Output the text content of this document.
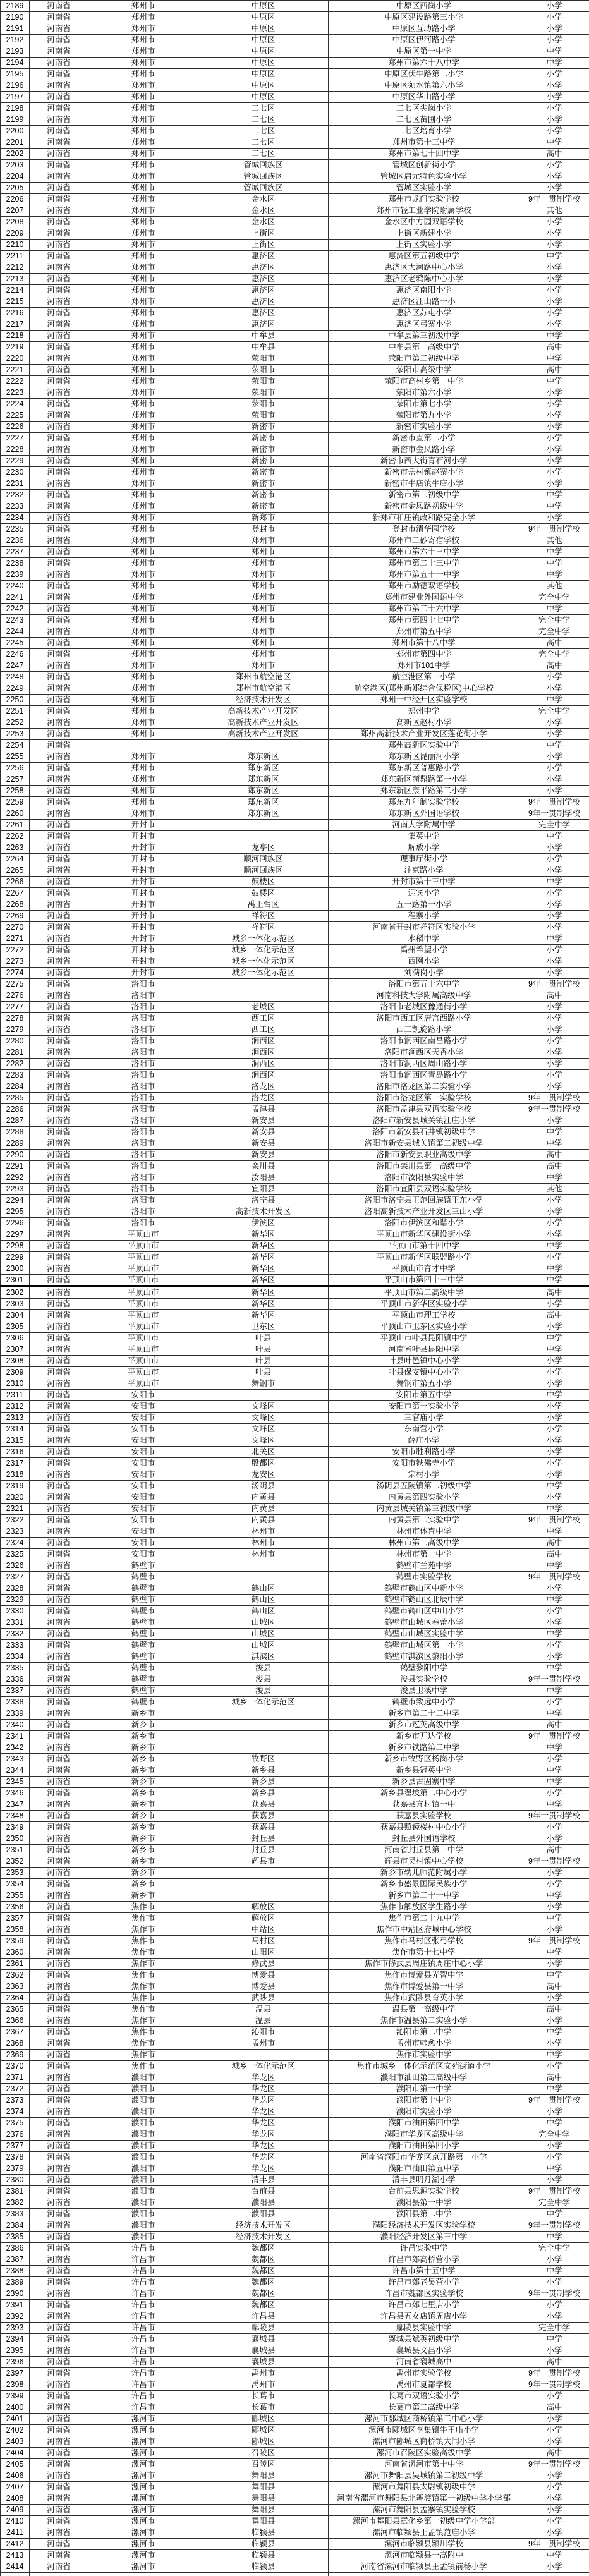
2189	河南省	郑州市	中原区	中原区西岗小学	小学
2190	河南省	郑州市	中原区	中原区建设路第三小学	小学
2191	河南省	郑州市	中原区	中原区互助路小学	小学
2192	河南省	郑州市	中原区	中原区伊河路小学	小学
2193	河南省	郑州市	中原区	中原区第一中学	中学
2194	河南省	郑州市	中原区	郑州市第六十八中学	中学
2195	河南省	郑州市	中原区	中原区伏牛路第二小学	小学
2196	河南省	郑州市	中原区	中原区须水镇第六小学	小学
2197	河南省	郑州市	中原区	中原区华山路小学	小学
2198	河南省	郑州市	二七区	二七区尖岗小学	小学
2199	河南省	郑州市	二七区	二七区苗圃小学	小学
2200	河南省	郑州市	二七区	二七区培育小学	小学
2201	河南省	郑州市	二七区	郑州市第十三中学	中学
2202	河南省	郑州市	二七区	郑州市第七十四中学	高中
2203	河南省	郑州市	管城回族区	管城区创新街小学	小学
2204	河南省	郑州市	管城回族区	管城区启元特色实验小学	小学
2205	河南省	郑州市	管城回族区	管城区实验小学	小学
2206	河南省	郑州市	金水区	郑州市龙门实验学校	9年一贯制学校
2207	河南省	郑州市	金水区	郑州市轻工业学院附属学校	其他
2208	河南省	郑州市	金水区	金水区中方园双语学校	小学
2209	河南省	郑州市	上街区	上街区新建小学	小学
2210	河南省	郑州市	上街区	上街区实验小学	小学
2211	河南省	郑州市	惠济区	惠济区第五初级中学	中学
2212	河南省	郑州市	惠济区	惠济区大河路中心小学	小学
2213	河南省	郑州市	惠济区	惠济区老鸦陈中心小学	小学
2214	河南省	郑州市	惠济区	惠济区南阳小学	小学
2215	河南省	郑州市	惠济区	惠济区江山路一小	小学
2216	河南省	郑州市	惠济区	惠济区苏屯小学	小学
2217	河南省	郑州市	惠济区	惠济区弓寨小学	小学
2218	河南省	郑州市	中牟县	中牟县第三初级中学	中学
2219	河南省	郑州市	中牟县	中牟县第一高级中学	高中
2220	河南省	郑州市	荥阳市	荥阳市第二初级中学	中学
2221	河南省	郑州市	荥阳市	荥阳市高级中学	高中
2222	河南省	郑州市	荥阳市	荥阳市高村乡第一中学	中学
2223	河南省	郑州市	荥阳市	荥阳市第六小学	小学
2224	河南省	郑州市	荥阳市	荥阳市第七小学	小学
2225	河南省	郑州市	荥阳市	荥阳市第九小学	小学
2226	河南省	郑州市	新密市	新密市实验小学	小学
2227	河南省	郑州市	新密市	新密市直第二小学	小学
2228	河南省	郑州市	新密市	新密市金凤路小学	小学
2229	河南省	郑州市	新密市	新密市西大街青石河小学	小学
2230	河南省	郑州市	新密市	新密市岳村镇赵寨小学	小学
2231	河南省	郑州市	新密市	新密市牛店镇牛店小学	小学
2232	河南省	郑州市	新密市	新密市第二初级中学	中学
2233	河南省	郑州市	新密市	新密市金凤路初级中学	中学
2234	河南省	郑州市	新郑市	新郑市和庄镇政和路完全小学	小学
2235	河南省	郑州市	登封市	登封市清华园学校	9年一贯制学校
2236	河南省	郑州市	郑州市	郑州市二砂寄宿学校	其他
2237	河南省	郑州市	郑州市	郑州市第六十三中学	中学
2238	河南省	郑州市	郑州市	郑州市第二十三中学	中学
2239	河南省	郑州市	郑州市	郑州市第五十一中学	中学
2240	河南省	郑州市	郑州市	郑州市励德双语学校	其他
2241	河南省	郑州市	郑州市	郑州市建业外国语中学	完全中学
2242	河南省	郑州市	郑州市	郑州市第二十六中学	中学
2243	河南省	郑州市	郑州市	郑州市第四十七中学	完全中学
2244	河南省	郑州市	郑州市	郑州市第五中学	完全中学
2245	河南省	郑州市	郑州市	郑州市第十八中学	高中
2246	河南省	郑州市	郑州市	郑州市第四中学	完全中学
2247	河南省	郑州市	郑州市	郑州市101中学	高中
2248	河南省	郑州市	郑州市航空港区	航空港区第一小学	小学
2249	河南省	郑州市	郑州市航空港区	航空港区(郑州新郑综合保税区)中心学校	小学
2250	河南省	郑州市	经济技术开发区	郑州一中经开区实验学校	中学
2251	河南省	郑州市	高新技术产业开发区	郑州中学	完全中学
2252	河南省	郑州市	高新技术产业开发区	高新区赵村小学	小学
2253	河南省	郑州市	高新技术产业开发区	郑州高新技术产业开发区莲花街小学	小学
2254	河南省			郑州高新区实验中学	中学
2255	河南省	郑州市	郑东新区	郑东新区昆丽河小学	小学
2256	河南省	郑州市	郑东新区	郑东新区普惠路小学	小学
2257	河南省	郑州市	郑东新区	郑东新区商鼎路第一小学	小学
2258	河南省	郑州市	郑东新区	郑东新区康平路第二小学	小学
2259	河南省	郑州市	郑东新区	郑东九年制实验学校	9年一贯制学校
2260	河南省	郑州市	郑东新区	郑东新区外国语学校	9年一贯制学校
2261	河南省	开封市		河南大学附属中学	完全中学
2262	河南省	开封市		集英中学	中学
2263	河南省	开封市	龙亭区	解放小学	小学
2264	河南省	开封市	顺河回族区	理事厅街小学	小学
2265	河南省	开封市	顺河回族区	汴京路小学	小学
2266	河南省	开封市	鼓楼区	开封市第十三中学	中学
2267	河南省	开封市	鼓楼区	迎宾小学	小学
2268	河南省	开封市	禹王台区	五一路第一小学	小学
2269	河南省	开封市	祥符区	程寨小学	小学
2270	河南省	开封市	祥符区	河南省开封市祥符区实验小学	小学
2271	河南省	开封市	城乡一体化示范区	水稻中学	中学
2272	河南省	开封市	城乡一体化示范区	禹州希望小学	小学
2273	河南省	开封市	城乡一体化示范区	西网小学	小学
2274	河南省	开封市	城乡一体化示范区	刘满岗小学	小学
2275	河南省	洛阳市		洛阳市第五十六中学	9年一贯制学校
2276	河南省	洛阳市		河南科技大学附属高级中学	高中
2277	河南省	洛阳市	老城区	洛阳市老城区豫通街小学	小学
2278	河南省	洛阳市	西工区	洛阳市西工区唐宫西路小学	小学
2279	河南省	洛阳市	西工区	西工凯旋路小学	小学
2280	河南省	洛阳市	涧西区	洛阳市涧西区南昌路小学	小学
2281	河南省	洛阳市	涧西区	洛阳市涧西区天香小学	小学
2282	河南省	洛阳市	涧西区	洛阳市涧西区周山路小学	小学
2283	河南省	洛阳市	涧西区	洛阳市涧西区青岛路小学	小学
2284	河南省	洛阳市	洛龙区	洛阳市洛龙区第二实验小学	小学
2285	河南省	洛阳市	洛龙区	洛阳市洛龙区第一实验学校	9年一贯制学校
2286	河南省	洛阳市	孟津县	洛阳市孟津县双语实验学校	9年一贯制学校
2287	河南省	洛阳市	新安县	洛阳市新安县城关镇江庄小学	小学
2288	河南省	洛阳市	新安县	洛阳市新安县石井镇初级中学	中学
2289	河南省	洛阳市	新安县	洛阳市新安县城关镇第二初级中学	中学
2290	河南省	洛阳市	新安县	洛阳市新安县职业高级中学	高中
2291	河南省	洛阳市	栾川县	洛阳市栾川县第一高级中学	高中
2292	河南省	洛阳市	汝阳县	洛阳市汝阳县实验中学	中学
2293	河南省	洛阳市	宜阳县	洛阳市宜阳县双语实验学校	其他
2294	河南省	洛阳市	洛宁县	洛阳市洛宁县王范回族镇王东小学	小学
2295	河南省	洛阳市	高新技术开发区	洛阳高新技术产业开发区三山小学	小学
2296	河南省	洛阳市	伊滨区	洛阳市伊滨区和谐小学	小学
2297	河南省	平顶山市	新华区	平顶山市新华区建设街小学	小学
2298	河南省	平顶山市	新华区	平顶山市第十四中学	中学
2299	河南省	平顶山市	新华区	平顶山市新华区联盟路小学	小学
2300	河南省	平顶山市	新华区	平顶山市育才中学	中学
2301	河南省	平顶山市	新华区	平顶山市第四十三中学	中学
2302	河南省	平顶山市	新华区	平顶山市第二高级中学	高中
2303	河南省	平顶山市	新华区	平顶山市新华区实验小学	小学
2304	河南省	平顶山市	新华区	平顶山市理工学校	高中
2305	河南省	平顶山市	卫东区	平顶山市卫东区实验小学	小学
2306	河南省	平顶山市	叶县	平顶山市叶县昆阳镇中学	中学
2307	河南省	平顶山市	叶县	河南省叶县昆阳中学	中学
2308	河南省	平顶山市	叶县	叶县叶邑镇中心小学	小学
2309	河南省	平顶山市	叶县	叶县保安镇中心小学	小学
2310	河南省	平顶山市	舞钢市	舞钢市第五小学	小学
2311	河南省	安阳市		安阳市第五中学	中学
2312	河南省	安阳市	文峰区	安阳市第一实验小学	小学
2313	河南省	安阳市	文峰区	三官庙小学	小学
2314	河南省	安阳市	文峰区	东南营小学	小学
2315	河南省	安阳市	文峰区	薛庄小学	小学
2316	河南省	安阳市	北关区	安阳市胜利路小学	小学
2317	河南省	安阳市	殷都区	安阳市铁佛寺小学	小学
2318	河南省	安阳市	龙安区	宗村小学	小学
2319	河南省	安阳市	汤阴县	汤阴县五陵镇第二初级中学	中学
2320	河南省	安阳市	内黄县	内黄县第四实验小学	小学
2321	河南省	安阳市	内黄县	内黄县城关镇第三初级中学	中学
2322	河南省	安阳市	内黄县	内黄县第二实验中学	9年一贯制学校
2323	河南省	安阳市	林州市	林州市体育中学	中学
2324	河南省	安阳市	林州市	林州市第二高级中学	高中
2325	河南省	安阳市	林州市	林州市第一中学	高中
2326	河南省	鹤壁市		鹤壁市兰苑中学	中学
2327	河南省	鹤壁市		鹤壁市实验学校	9年一贯制学校
2328	河南省	鹤壁市	鹤山区	鹤壁市鹤山区中新小学	小学
2329	河南省	鹤壁市	鹤山区	鹤壁市鹤山区北辰中学	中学
2330	河南省	鹤壁市	鹤山区	鹤壁市鹤山区中山小学	小学
2331	河南省	鹤壁市	山城区	鹤壁市山城区春蕾小学	小学
2332	河南省	鹤壁市	山城区	鹤壁市山城区实验中学	中学
2333	河南省	鹤壁市	山城区	鹤壁市山城区第一小学	小学
2334	河南省	鹤壁市	淇滨区	鹤壁市淇滨区黎阳小学	小学
2335	河南省	鹤壁市	浚县	鹤壁黎阳中学	中学
2336	河南省	鹤壁市	浚县	浚县实验学校	9年一贯制学校
2337	河南省	鹤壁市	浚县	浚县卫溪中学	中学
2338	河南省	鹤壁市	城乡一体化示范区	鹤壁市致远中小学	小学
2339	河南省	新乡市		新乡市第二十二中学	中学
2340	河南省	新乡市		新乡市冠英高级中学	高中
2341	河南省	新乡市		新乡市开达学校	9年一贯制学校
2342	河南省	新乡市		新乡市铁路第二中学	中学
2343	河南省	新乡市	牧野区	新乡市牧野区杨岗小学	小学
2344	河南省	新乡市	新乡县	新乡县冠英中学	中学
2345	河南省	新乡市	新乡县	新乡县古固寨中学	中学
2346	河南省	新乡市	新乡县	新乡县翟坡第二中心小学	小学
2347	河南省	新乡市	获嘉县	获嘉县亢村镇一中	中学
2348	河南省	新乡市	获嘉县	获嘉县实验学校	9年一贯制学校
2349	河南省	新乡市	获嘉县	获嘉县照镜楼村中心小学	小学
2350	河南省	新乡市	封丘县	封丘县外国语学校	小学
2351	河南省	新乡市	封丘县	河南省封丘县第一中学	高中
2352	河南省	新乡市	辉县市	辉县市吴村镇中心学校	9年一贯制学校
2353	河南省	新乡市		新乡市幼儿师范附属小学	小学
2354	河南省	新乡市		新乡市盛景国际民族小学	小学
2355	河南省	新乡市		新乡市第二十一中学	中学
2356	河南省	焦作市	解放区	焦作市解放区学生路小学	小学
2357	河南省	焦作市	解放区	焦作市第二十九中学	中学
2358	河南省	焦作市	中站区	焦作市中站区府城中心学校	小学
2359	河南省	焦作市	马村区	焦作市马村区张弓学校	9年一贯制学校
2360	河南省	焦作市	山阳区	焦作市第十七中学	中学
2361	河南省	焦作市	修武县	焦作市修武县周庄镇周庄中心小学	小学
2362	河南省	焦作市	博爱县	焦作市博爱县光智中学	中学
2363	河南省	焦作市	博爱县	焦作市博爱县第一中学	高中
2364	河南省	焦作市	武陟县	焦作市武陟县育英小学	小学
2365	河南省	焦作市	温县	温县第一高级中学	高中
2366	河南省	焦作市	温县	焦作市温县第二实验小学	小学
2367	河南省	焦作市	沁阳市	沁阳市第二中学	中学
2368	河南省	焦作市	孟州市	孟州市韩愈小学	小学
2369	河南省	焦作市		焦作市实验中学	中学
2370	河南省	焦作市	城乡一体化示范区	焦作市城乡一体化示范区文苑街道小学	小学
2371	河南省	濮阳市	华龙区	濮阳市油田第三高级中学	高中
2372	河南省	濮阳市	华龙区	濮阳市第一中学	中学
2373	河南省	濮阳市	华龙区	濮阳市第十中学	9年一贯制学校
2374	河南省	濮阳市	华龙区	濮阳市实验小学	小学
2375	河南省	濮阳市	华龙区	濮阳市油田第四中学	中学
2376	河南省	濮阳市	华龙区	濮阳市华龙区高级中学	完全中学
2377	河南省	濮阳市	华龙区	濮阳市油田第四小学	小学
2378	河南省	濮阳市	华龙区	河南省濮阳市华龙区京开路第一小学	小学
2379	河南省	濮阳市	华龙区	濮阳市油田第五中学	中学
2380	河南省	濮阳市	清丰县	清丰县明月湖小学	小学
2381	河南省	濮阳市	台前县	台前县思源实验学校	9年一贯制学校
2382	河南省	濮阳市	濮阳县	濮阳县第一中学	完全中学
2383	河南省	濮阳市	濮阳县	濮阳县第二中学	中学
2384	河南省	濮阳市	经济技术开发区	濮阳经济技术开发区实验学校	9年一贯制学校
2385	河南省	濮阳市	经济技术开发区	濮阳经济开发区第三中学	中学
2386	河南省	许昌市	魏都区	许昌实验中学	完全中学
2387	河南省	许昌市	魏都区	许昌市郊高桥营小学	小学
2388	河南省	许昌市	魏都区	许昌市第十五中学	中学
2389	河南省	许昌市	魏都区	许昌市郊老吴营小学	小学
2390	河南省	许昌市	魏都区	许昌市魏都区实验学校	9年一贯制学校
2391	河南省	许昌市	魏都区	许昌市郊七里店小学	小学
2392	河南省	许昌市	许昌县	许昌县五女店镇周店小学	小学
2393	河南省	许昌市	鄢陵县	鄢陵县实验中学	完全中学
2394	河南省	许昌市	襄城县	襄城县斌英初级中学	中学
2395	河南省	许昌市	襄城县	襄城县文昌小学	小学
2396	河南省	许昌市	襄城县	河南省襄城高中	高中
2397	河南省	许昌市	禹州市	禹州市实验学校	9年一贯制学校
2398	河南省	许昌市	禹州市	禹州市夏都学校	9年一贯制学校
2399	河南省	许昌市	长葛市	长葛市双语实验小学	小学
2400	河南省	许昌市	长葛市	长葛市第二高级中学	高中
2401	河南省	漯河市	郾城区	漯河市郾城区商桥镇第二中心小学	小学
2402	河南省	漯河市	郾城区	漯河市郾城区李集镇牛王庙小学	小学
2403	河南省	漯河市	郾城区	漯河市郾城区商桥镇大闫小学	小学
2404	河南省	漯河市	召陵区	漯河市召陵区实验高级中学	高中
2405	河南省	漯河市	召陵区	河南省漯河市第十中学	9年一贯制学校
2406	河南省	漯河市	舞阳县	漯河市舞阳县吴城镇第二初级中学	小学
2407	河南省	漯河市	舞阳县	漯河市舞阳县太尉镇初级中学	小学
2408	河南省	漯河市	舞阳县	河南省漯河市舞阳县北舞渡镇第一初级中学小学部	小学
2409	河南省	漯河市	舞阳县	漯河市舞阳县孟寨镇实验学校	小学
2410	河南省	漯河市	舞阳县	漯河市舞阳县章化乡第一初级中学小学部	小学
2411	河南省	漯河市	临颍县	漯河市临颍县王孟镇范庙小学	小学
2412	河南省	漯河市	临颍县	漯河市临颍县颍川学校	9年一贯制学校
2413	河南省	漯河市	临颍县	漯河市临颍县一高附中	中学
2414	河南省	漯河市	临颍县	河南省漯河市临颍县王孟镇前杨小学	小学
